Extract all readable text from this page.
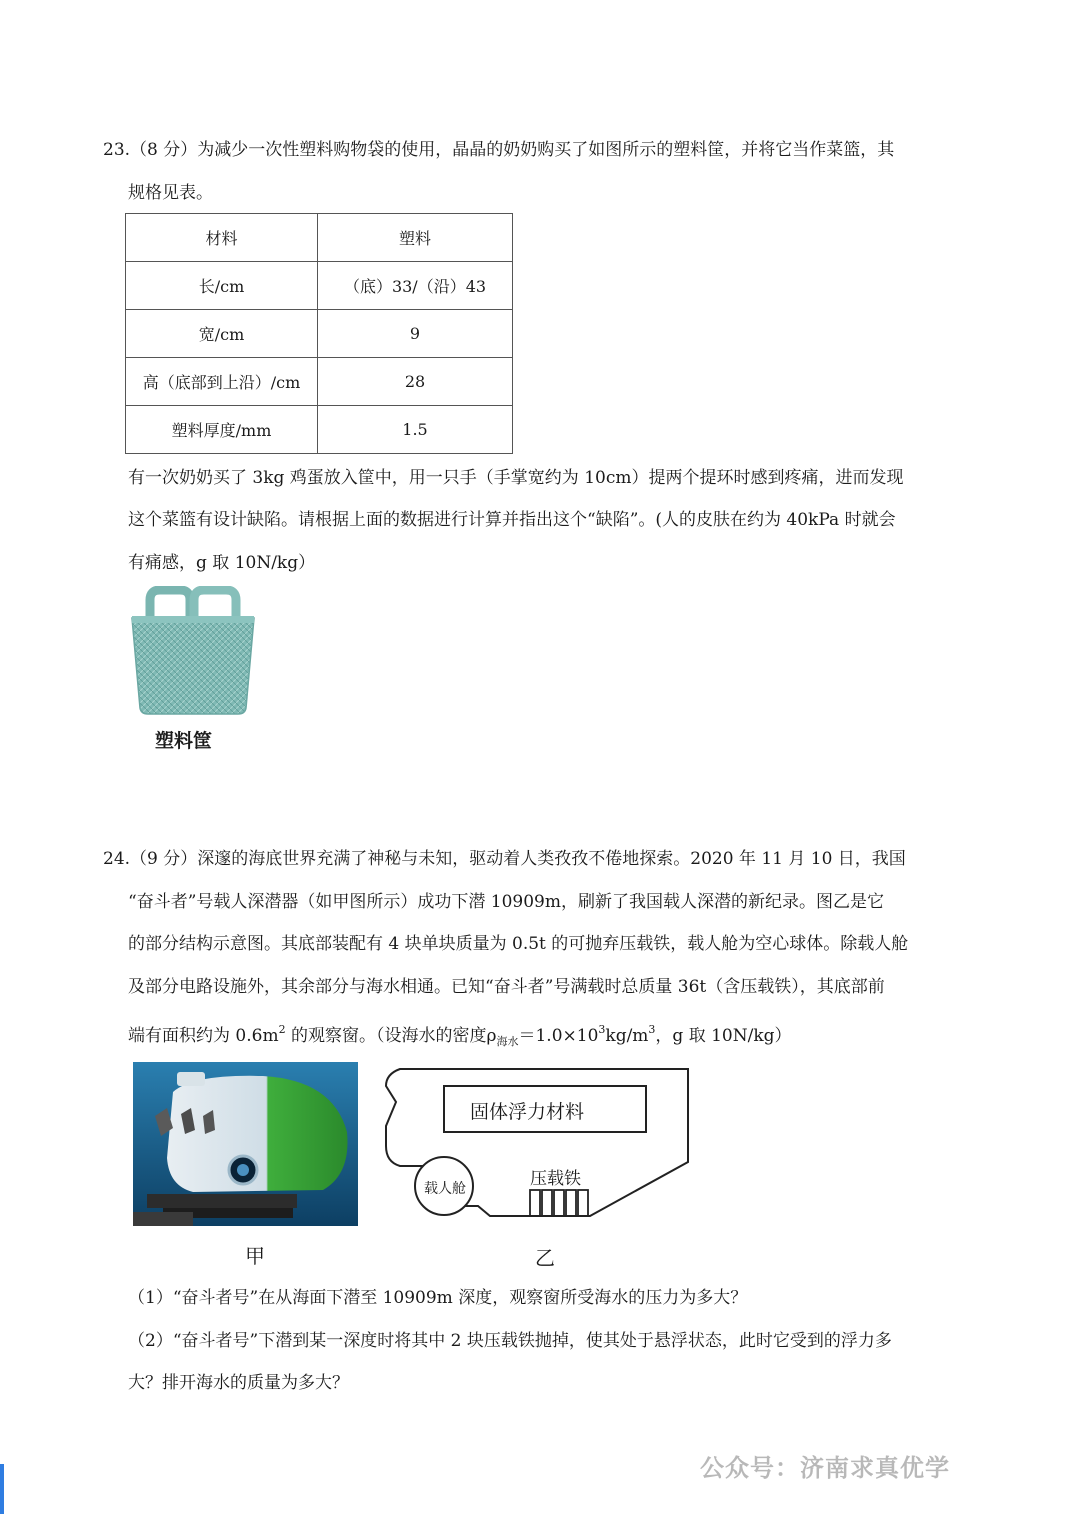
23.（8 分）为减少一次性塑料购物袋的使用，晶晶的奶奶购买了如图所示的塑料筐，并将它当作菜篮，其
规格见表。
材料	塑料
长/cm	（底）33/（沿）43
宽/cm	9
高（底部到上沿）/cm	28
塑料厚度/mm	1.5
有一次奶奶买了 3kg 鸡蛋放入筐中，用一只手（手掌宽约为 10cm）提两个提环时感到疼痛，进而发现
这个菜篮有设计缺陷。请根据上面的数据进行计算并指出这个“缺陷”。(人的皮肤在约为 40kPa 时就会
有痛感，g 取 10N/kg）
塑料筐
24.（9 分）深邃的海底世界充满了神秘与未知，驱动着人类孜孜不倦地探索。2020 年 11 月 10 日，我国
“奋斗者”号载人深潜器（如甲图所示）成功下潜 10909m，刷新了我国载人深潜的新纪录。图乙是它
的部分结构示意图。其底部装配有 4 块单块质量为 0.5t 的可抛弃压载铁，载人舱为空心球体。除载人舱
及部分电路设施外，其余部分与海水相通。已知“奋斗者”号满载时总质量 36t（含压载铁），其底部前
端有面积约为 $0.6m^2$ 的观察窗。（设海水的密度$\rho_{海水}=1.0\times 10^3kg/m^3$，g 取 10N/kg）
甲
固体浮力材料
载人舱	压载铁
乙
（1）“奋斗者号”在从海面下潜至 10909m 深度，观察窗所受海水的压力为多大？
（2）“奋斗者号”下潜到某一深度时将其中 2 块压载铁抛掉，使其处于悬浮状态，此时它受到的浮力多
大？排开海水的质量为多大？
公众号：济南求真优学
